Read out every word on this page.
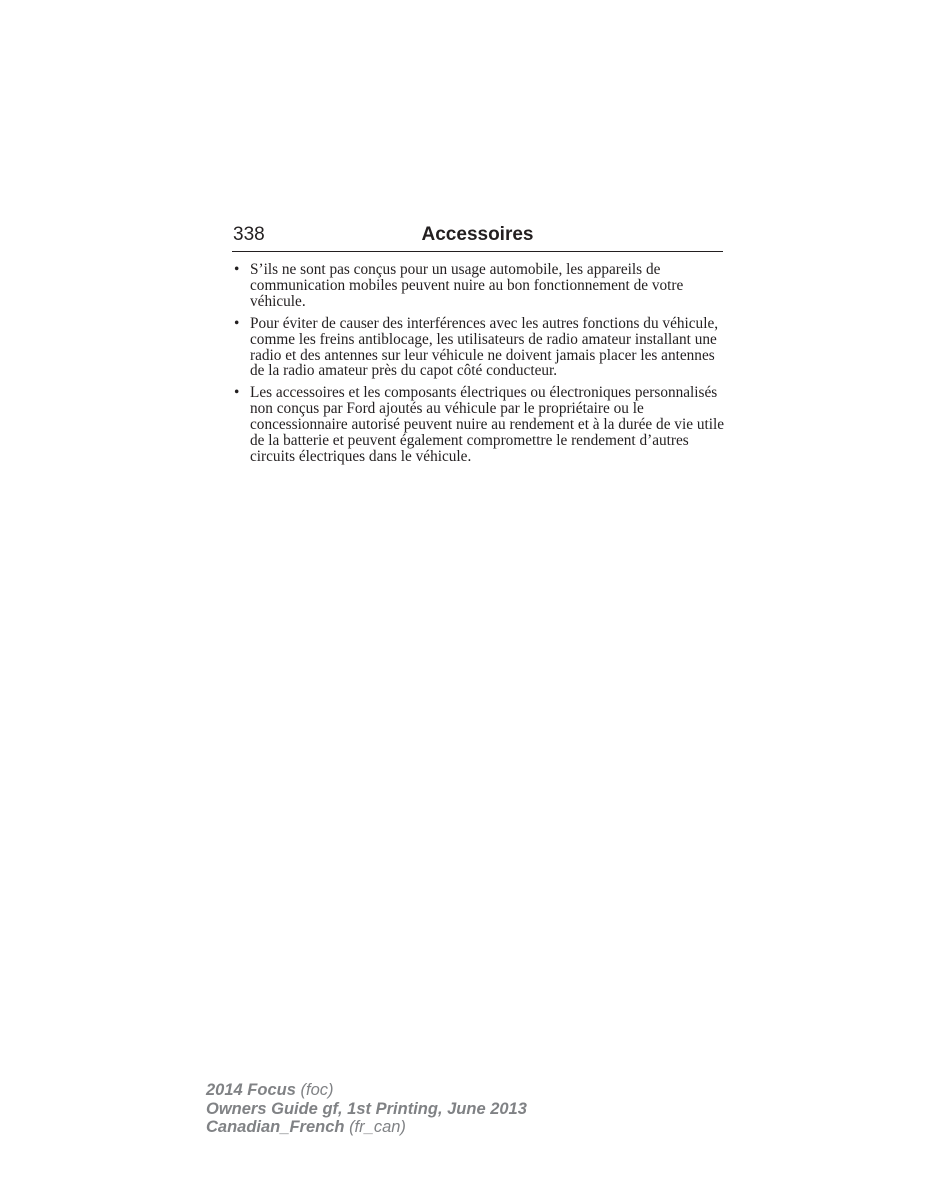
338	Accessoires
• S’ils ne sont pas conçus pour un usage automobile, les appareils de communication mobiles peuvent nuire au bon fonctionnement de votre véhicule.
• Pour éviter de causer des interférences avec les autres fonctions du véhicule, comme les freins antiblocage, les utilisateurs de radio amateur installant une radio et des antennes sur leur véhicule ne doivent jamais placer les antennes de la radio amateur près du capot côté conducteur.
• Les accessoires et les composants électriques ou électroniques personnalisés non conçus par Ford ajoutés au véhicule par le propriétaire ou le concessionnaire autorisé peuvent nuire au rendement et à la durée de vie utile de la batterie et peuvent également compromettre le rendement d’autres circuits électriques dans le véhicule.
2014 Focus (foc)
Owners Guide gf, 1st Printing, June 2013
Canadian_French (fr_can)
